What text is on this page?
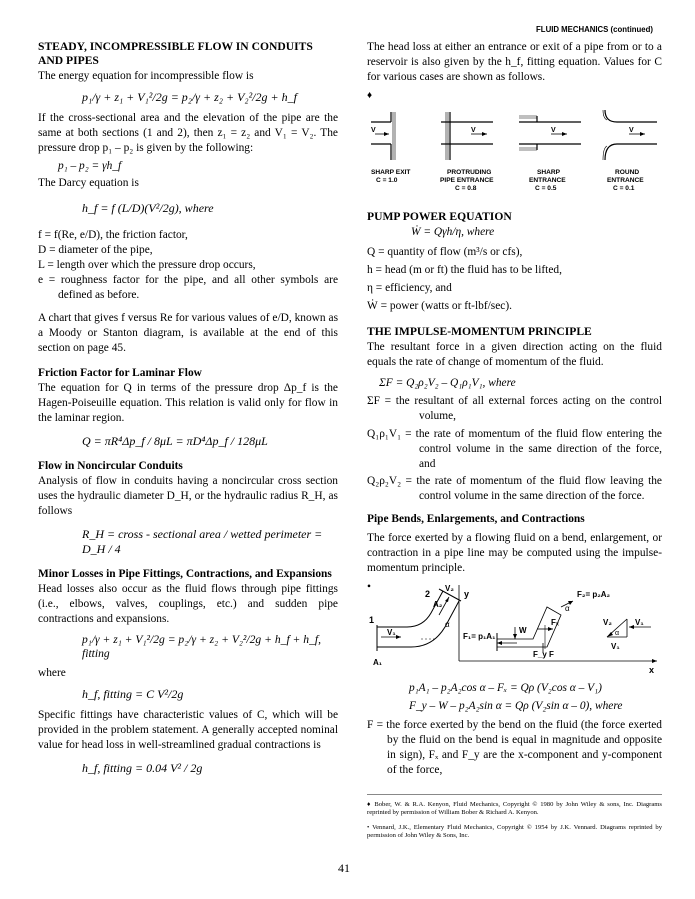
FLUID MECHANICS (continued)
STEADY, INCOMPRESSIBLE FLOW IN CONDUITS AND PIPES

The energy equation for incompressible flow is

p₁/γ + z₁ + V₁²/2g = p₂/γ + z₂ + V₂²/2g + h_f

If the cross-sectional area and the elevation of the pipe are the same at both sections (1 and 2), then z₁ = z₂ and V₁ = V₂. The pressure drop p₁ – p₂ is given by the following:

p₁ – p₂ = γh_f

The Darcy equation is

h_f = f (L/D)(V²/2g), where
f = f(Re, e/D), the friction factor,
D = diameter of the pipe,
L = length over which the pressure drop occurs,
e = roughness factor for the pipe, and all other symbols are defined as before.

A chart that gives f versus Re for various values of e/D, known as a Moody or Stanton diagram, is available at the end of this section on page 45.

Friction Factor for Laminar Flow

The equation for Q in terms of the pressure drop Δp_f is the Hagen-Poiseuille equation. This relation is valid only for flow in the laminar region.

Q = πR⁴Δp_f / 8μL = πD⁴Δp_f / 128μL
Flow in Noncircular Conduits

Analysis of flow in conduits having a noncircular cross section uses the hydraulic diameter D_H, or the hydraulic radius R_H, as follows

R_H = cross - sectional area / wetted perimeter = D_H / 4
Minor Losses in Pipe Fittings, Contractions, and Expansions

Head losses also occur as the fluid flows through pipe fittings (i.e., elbows, valves, couplings, etc.) and sudden pipe contractions and expansions.

p₁/γ + z₁ + V₁²/2g = p₂/γ + z₂ + V₂²/2g + h_f + h_f, fitting

where

h_f, fitting = C V²/2g

Specific fittings have characteristic values of C, which will be provided in the problem statement. A generally accepted nominal value for head loss in well-streamlined gradual contractions is

h_f, fitting = 0.04 V² / 2g

The head loss at either an entrance or exit of a pipe from or to a reservoir is also given by the h_f, fitting equation. Values for C for various cases are shown as follows.

♦
V	V	V	V
SHARP EXIT
C = 1.0
PROTRUDING
PIPE ENTRANCE
C = 0.8
SHARP
ENTRANCE
C = 0.5
ROUND
ENTRANCE
C = 0.1
PUMP POWER EQUATION
Ẇ = Qγh/η, where
Q = quantity of flow (m³/s or cfs),
h = head (m or ft) the fluid has to be lifted,
η = efficiency, and
Ẇ = power (watts or ft-lbf/sec).
THE IMPULSE-MOMENTUM PRINCIPLE

The resultant force in a given direction acting on the fluid equals the rate of change of momentum of the fluid.

ΣF = Q₂ρ₂V₂ – Q₁ρ₁V₁, where
ΣF = the resultant of all external forces acting on the control volume,
Q₁ρ₁V₁ = the rate of momentum of the fluid flow entering the control volume in the same direction of the force, and
Q₂ρ₂V₂ = the rate of momentum of the fluid flow leaving the control volume in the same direction of the force.
Pipe Bends, Enlargements, and Contractions

The force exerted by a flowing fluid on a bend, enlargement, or contraction in a pipe line may be computed using the impulse-momentum principle.

•
2
V₂
A₂
y	F₂= p₂A₂
α
1
V₁
α
F₁= p₁A₁
W
Fₓ
F_y F
A₁
x
V₂
V₁
V₁
α
p₁A₁ – p₂A₂cos α – Fₓ = Qρ (V₂cos α – V₁)
F_y – W – p₂A₂sin α = Qρ (V₂sin α – 0), where
F = the force exerted by the bend on the fluid (the force exerted by the fluid on the bend is equal in magnitude and opposite in sign), Fₓ and F_y are the x-component and y-component of the force,
♦ Bober, W. & R.A. Kenyon, Fluid Mechanics, Copyright © 1980 by John Wiley & sons, Inc. Diagrams reprinted by permission of William Bober & Richard A. Kenyon.
• Vennard, J.K., Elementary Fluid Mechanics, Copyright © 1954 by J.K. Vennard. Diagrams reprinted by permission of John Wiley & Sons, Inc.
41
